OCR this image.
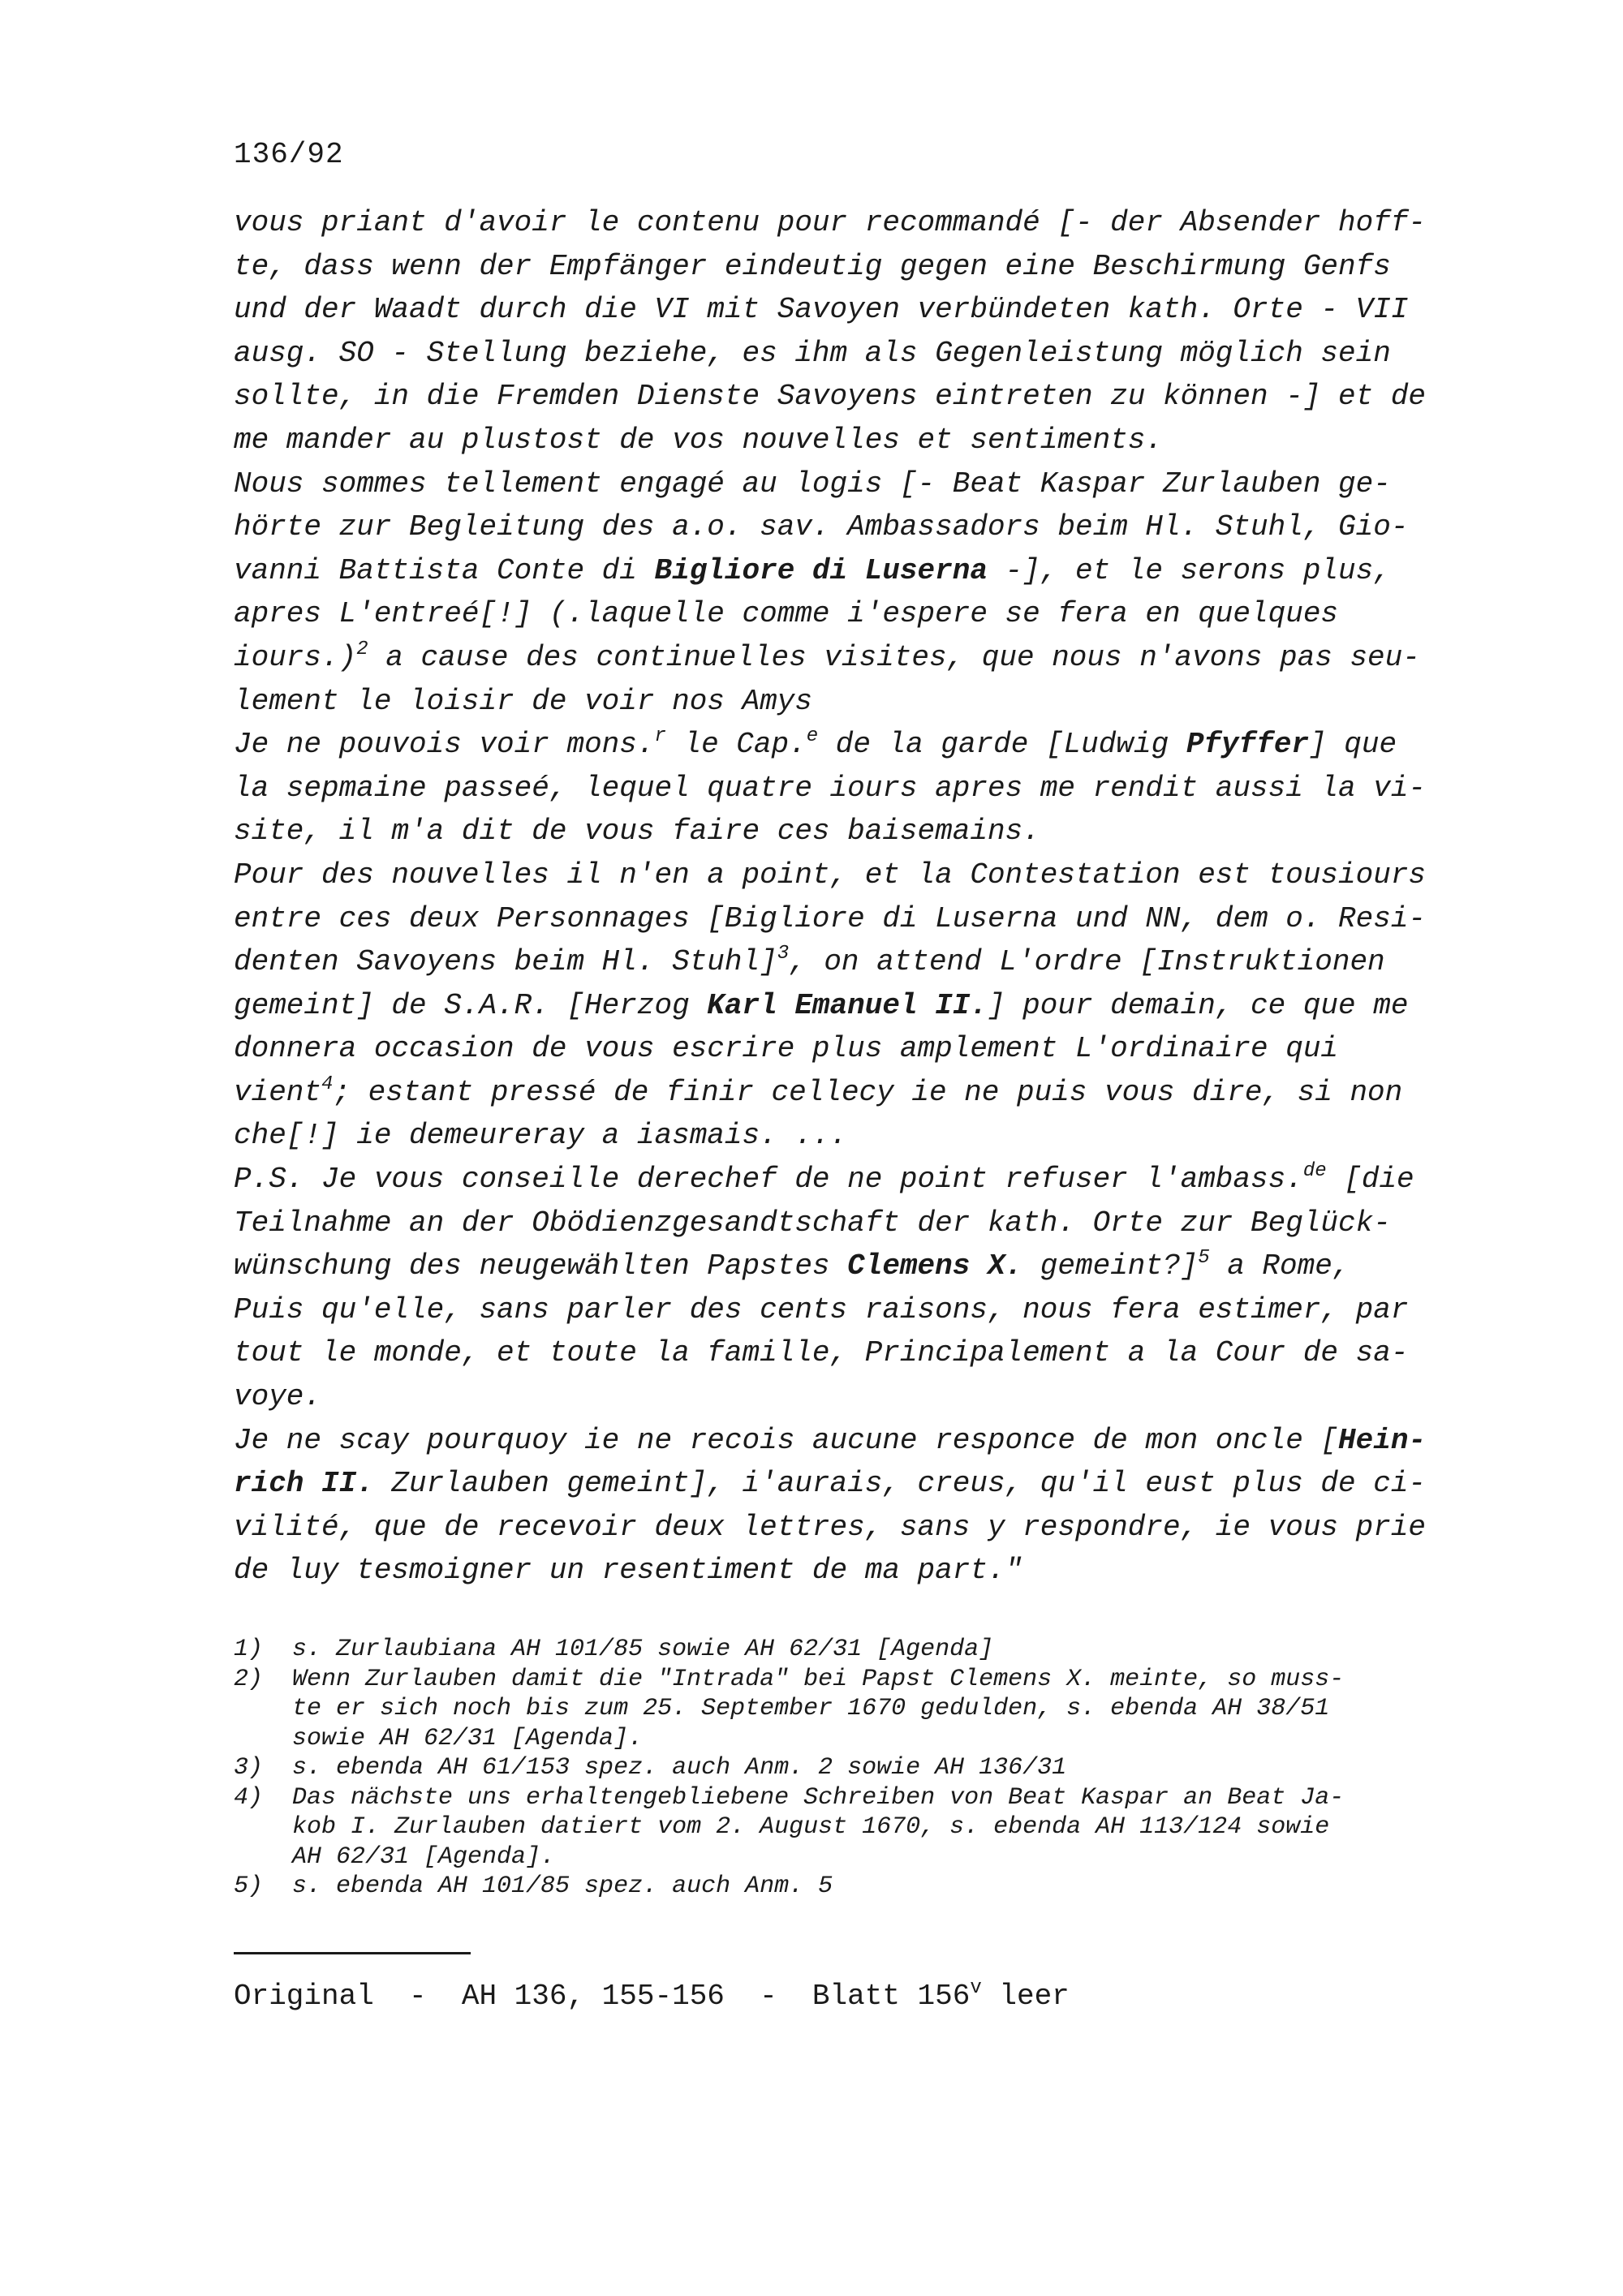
136/92
vous priant d'avoir le contenu pour recommandé [- der Absender hoff-
te, dass wenn der Empfänger eindeutig gegen eine Beschirmung Genfs
und der Waadt durch die VI mit Savoyen verbündeten kath. Orte - VII
ausg. SO - Stellung beziehe, es ihm als Gegenleistung möglich sein
sollte, in die Fremden Dienste Savoyens eintreten zu können -] et de
me mander au plustost de vos nouvelles et sentiments.
Nous sommes tellement engagé au logis [- Beat Kaspar Zurlauben ge-
hörte zur Begleitung des a.o. sav. Ambassadors beim Hl. Stuhl, Gio-
vanni Battista Conte di Bigliore di Luserna -], et le serons plus,
apres L'entreé[!] (.laquelle comme i'espere se fera en quelques
iours.)$^2$ a cause des continuelles visites, que nous n'avons pas seu-
lement le loisir de voir nos Amys
Je ne pouvois voir mons.$^r$ le Cap.$^e$ de la garde [Ludwig Pfyffer] que
la sepmaine passeé, lequel quatre iours apres me rendit aussi la vi-
site, il m'a dit de vous faire ces baisemains.
Pour des nouvelles il n'en a point, et la Contestation est tousiours
entre ces deux Personnages [Bigliore di Luserna und NN, dem o. Resi-
denten Savoyens beim Hl. Stuhl]$^3$, on attend L'ordre [Instruktionen
gemeint] de S.A.R. [Herzog Karl Emanuel II.] pour demain, ce que me
donnera occasion de vous escrire plus amplement L'ordinaire qui
vient$^4$; estant pressé de finir cellecy ie ne puis vous dire, si non
che[!] ie demeureray a iasmais. ...
P.S. Je vous conseille derechef de ne point refuser l'ambass.$^{de}$ [die
Teilnahme an der Obödienzgesandtschaft der kath. Orte zur Beglück-
wünschung des neugewählten Papstes Clemens X. gemeint?]$^5$ a Rome,
Puis qu'elle, sans parler des cents raisons, nous fera estimer, par
tout le monde, et toute la famille, Principalement a la Cour de sa-
voye.
Je ne scay pourquoy ie ne recois aucune responce de mon oncle [Hein-
rich II. Zurlauben gemeint], i'aurais, creus, qu'il eust plus de ci-
vilité, que de recevoir deux lettres, sans y respondre, ie vous prie
de luy tesmoigner un resentiment de ma part."
1)	s. Zurlaubiana AH 101/85 sowie AH 62/31 [Agenda]
2)	Wenn Zurlauben damit die "Intrada" bei Papst Clemens X. meinte, so muss-
te er sich noch bis zum 25. September 1670 gedulden, s. ebenda AH 38/51
sowie AH 62/31 [Agenda].
3)	s. ebenda AH 61/153 spez. auch Anm. 2 sowie AH 136/31
4)	Das nächste uns erhaltengebliebene Schreiben von Beat Kaspar an Beat Ja-
kob I. Zurlauben datiert vom 2. August 1670, s. ebenda AH 113/124 sowie
AH 62/31 [Agenda].
5)	s. ebenda AH 101/85 spez. auch Anm. 5
Original  -  AH 136, 155-156  -  Blatt 156$^v$ leer
